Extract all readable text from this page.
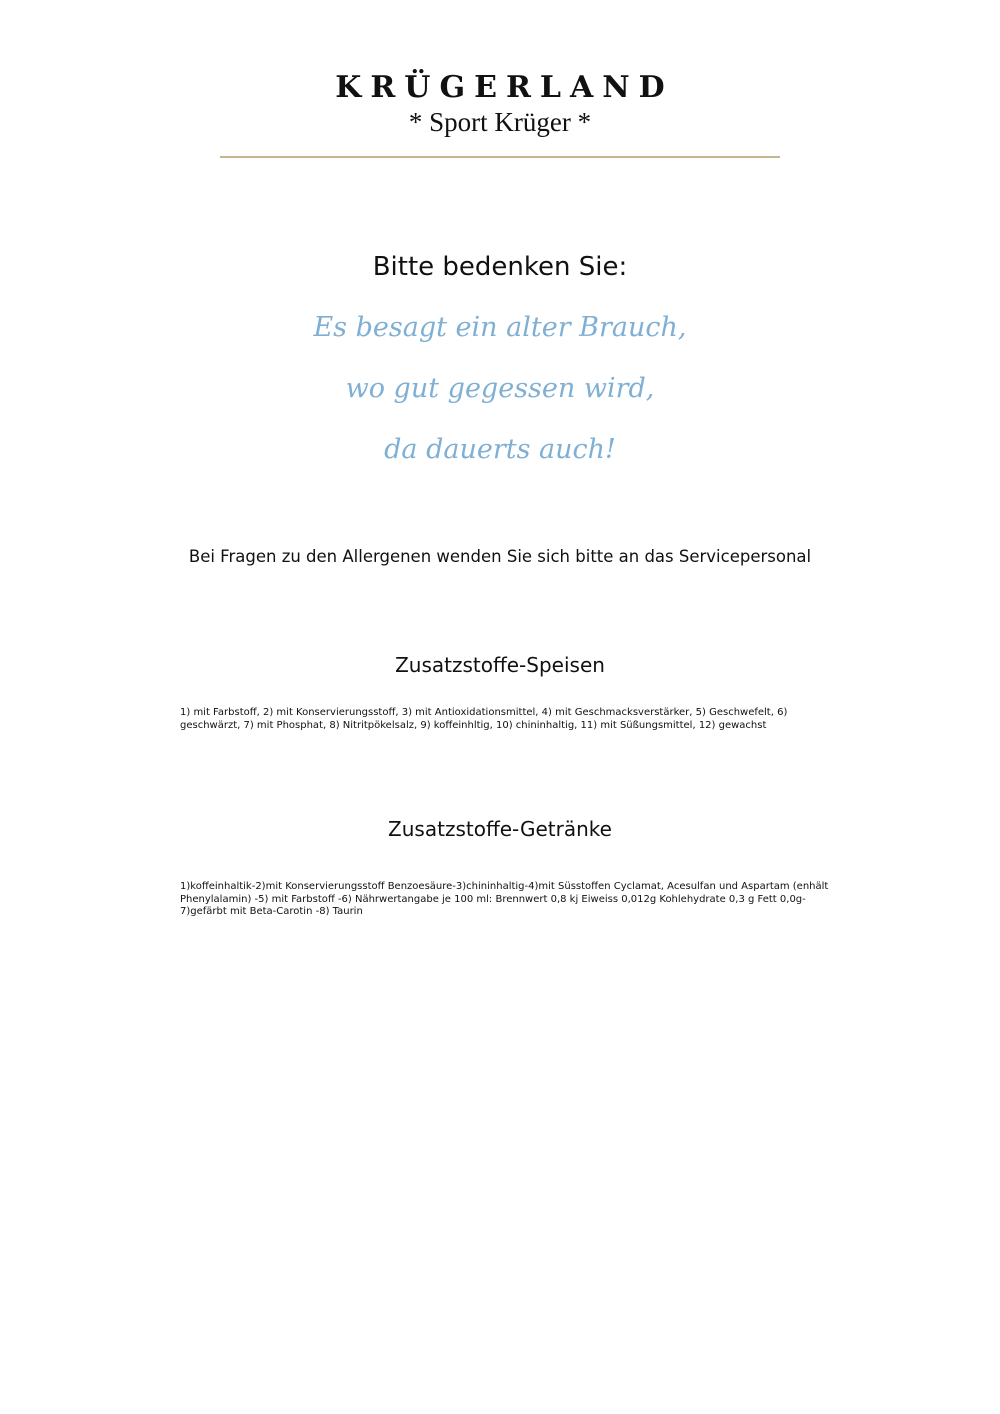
KRÜGERLAND

* Sport Krüger *

Bitte bedenken Sie:

Es besagt ein alter Brauch,

wo gut gegessen wird,

da dauerts auch!

Bei Fragen zu den Allergenen wenden Sie sich bitte an das Servicepersonal

Zusatzstoffe-Speisen

1) mit Farbstoff, 2) mit Konservierungsstoff, 3) mit Antioxidationsmittel, 4) mit Geschmacksverstärker, 5) Geschwefelt, 6) geschwärzt, 7) mit Phosphat, 8) Nitritpökelsalz, 9) koffeinhltig, 10) chininhaltig, 11) mit Süßungsmittel, 12) gewachst

Zusatzstoffe-Getränke

1)koffeinhaltik-2)mit Konservierungsstoff Benzoesäure-3)chininhaltig-4)mit Süsstoffen Cyclamat, Acesulfan und Aspartam (enhält Phenylalamin) -5) mit Farbstoff -6) Nährwertangabe je 100 ml: Brennwert 0,8 kj Eiweiss 0,012g Kohlehydrate 0,3 g Fett 0,0g-7)gefärbt mit Beta-Carotin -8) Taurin
